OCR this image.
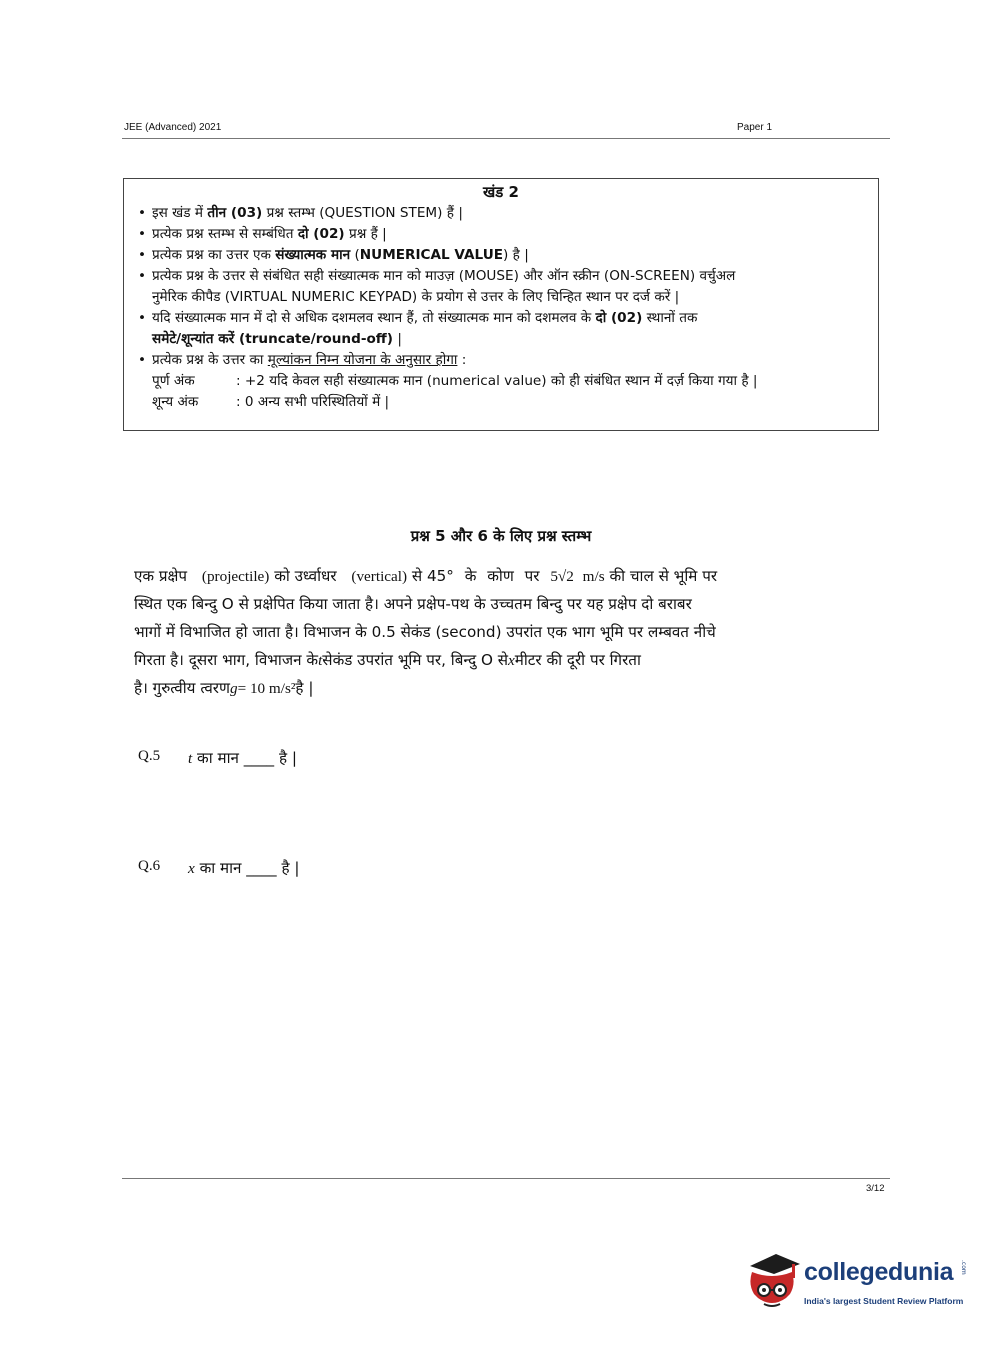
JEE (Advanced) 2021	Paper 1
खंड 2
• इस खंड में तीन (03) प्रश्न स्तम्भ (QUESTION STEM) हैं |
• प्रत्येक प्रश्न स्तम्भ से सम्बंधित दो (02) प्रश्न हैं |
• प्रत्येक प्रश्न का उत्तर एक संख्यात्मक मान (NUMERICAL VALUE) है |
• प्रत्येक प्रश्न के उत्तर से संबंधित सही संख्यात्मक मान को माउज़ (MOUSE) और ऑन स्क्रीन (ON-SCREEN) वर्चुअल
नुमेरिक कीपैड (VIRTUAL NUMERIC KEYPAD) के प्रयोग से उत्तर के लिए चिन्हित स्थान पर दर्ज करें |
• यदि संख्यात्मक मान में दो से अधिक दशमलव स्थान हैं, तो संख्यात्मक मान को दशमलव के दो (02) स्थानों तक
समेटे/शून्यांत करें (truncate/round-off) |
• प्रत्येक प्रश्न के उत्तर का मूल्यांकन निम्न योजना के अनुसार होगा :
पूर्ण अंक	: +2 यदि केवल सही संख्यात्मक मान (numerical value) को ही संबंधित स्थान में दर्ज़ किया गया है |
शून्य अंक	: 0 अन्य सभी परिस्थितियों में |
प्रश्न 5 और 6 के लिए प्रश्न स्तम्भ
एक प्रक्षेप (projectile) को उर्ध्वाधर (vertical) से 45° के कोण पर 5√2 m/s की चाल से भूमि पर
स्थित एक बिन्दु O से प्रक्षेपित किया जाता है। अपने प्रक्षेप-पथ के उच्चतम बिन्दु पर यह प्रक्षेप दो बराबर
भागों में विभाजित हो जाता है। विभाजन के 0.5 सेकंड (second) उपरांत एक भाग भूमि पर लम्बवत नीचे
गिरता है। दूसरा भाग, विभाजन केtसेकंड उपरांत भूमि पर, बिन्दु O सेxमीटर की दूरी पर गिरता
है। गुरुत्वीय त्वरणg= 10 m/s²है |
Q.5 t का मान ____ है |
Q.6 x का मान ____ है |
3/12
collegedunia .com
India's largest Student Review Platform
